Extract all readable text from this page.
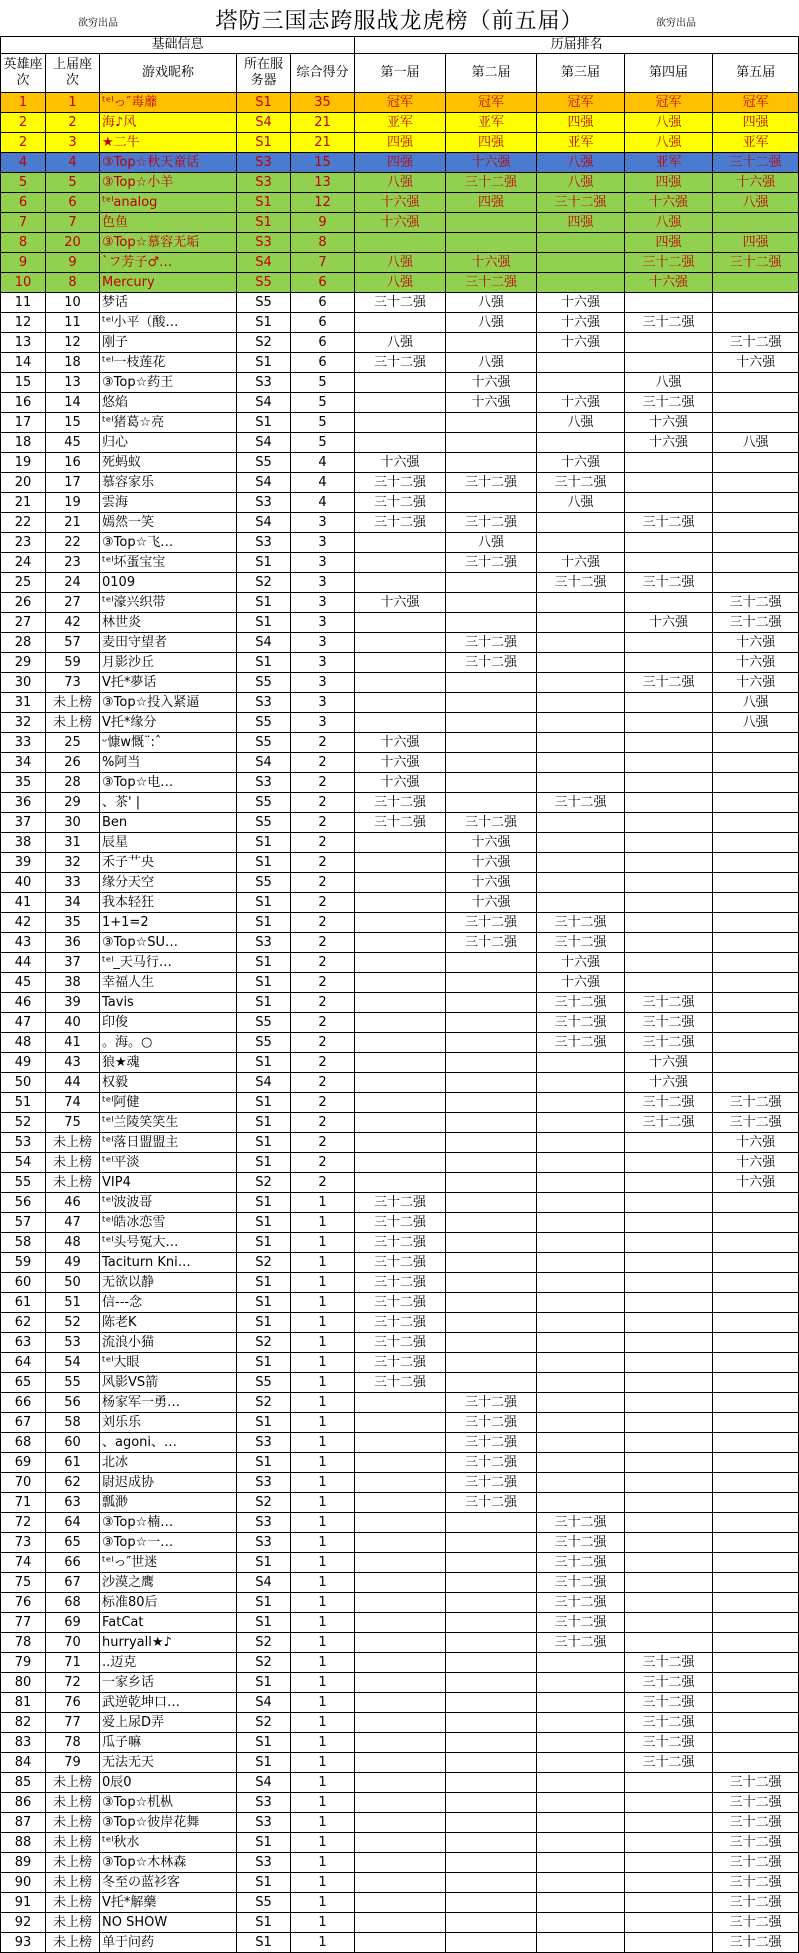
欲穷出品	塔防三国志跨服战龙虎榜（前五届）	欲穷出品
基础信息					历届排名				
英雄座次	上届座次	游戏昵称	所在服务器	综合得分	第一届	第二届	第三届	第四届	第五届
1	1	ᵗᵉˡっ″毒蘼	S1	35	冠军	冠军	冠军	冠军	冠军
2	2	海♪风	S4	21	亚军	亚军	四强	八强	四强
2	3	★二牛	S1	21	四强	四强	亚军	八强	亚军
4	4	③Top☆秋天童话	S3	15	四强	十六强	八强	亚军	三十二强
5	5	③Top☆小羊	S3	13	八强	三十二强	八强	四强	十六强
6	6	ᵗᵉˡanalog	S1	12	十六强	四强	三十二强	十六强	八强
7	7	色鱼	S1	9	十六强		四强	八强	
8	20	③Top☆慕容无垢	S3	8				四强	四强
9	9	ˋフ芳子♂…	S4	7	八强	十六强		三十二强	三十二强
10	8	Mercury	S5	6	八强	三十二强		十六强	
11	10	梦话	S5	6	三十二强	八强	十六强		
12	11	ᵗᵉˡ小平（酸…	S1	6		八强	十六强	三十二强	
13	12	刚子	S2	6	八强		十六强		三十二强
14	18	ᵗᵉˡ一枝莲花	S1	6	三十二强	八强			十六强
15	13	③Top☆药王	S3	5		十六强		八强	
16	14	悠焰	S4	5		十六强	十六强	三十二强	
17	15	ᵗᵉˡ猪葛☆亮	S1	5			八强	十六强	
18	45	归心	S4	5				十六强	八强
19	16	死蚂蚁	S5	4	十六强		十六强		
20	17	慕容家乐	S4	4	三十二强	三十二强	三十二强		
21	19	雲海	S3	4	三十二强		八强		
22	21	嫣然一笑	S4	3	三十二强	三十二强		三十二强	
23	22	③Top☆飞…	S3	3		八强			
24	23	ᵗᵉˡ坏蛋宝宝	S1	3		三十二强	十六强		
25	24	0109	S2	3			三十二强	三十二强	
26	27	ᵗᵉˡ濠兴织带	S1	3	十六强				三十二强
27	42	林世炎	S1	3				十六强	三十二强
28	57	麦田守望者	S4	3		三十二强			十六强
29	59	月影沙丘	S1	3		三十二强			十六强
30	73	V托*夢话	S5	3				三十二强	十六强
31	未上榜	③Top☆投入紧逼	S3	3					八强
32	未上榜	V托*缘分	S5	3					八强
33	25	ᵕ慷w慨¨:ˆ	S5	2	十六强				
34	26	%阿当	S4	2	十六强				
35	28	③Top☆电…	S3	2	十六强				
36	29	、茶' |	S5	2	三十二强		三十二强		
37	30	Ben	S5	2	三十二强	三十二强			
38	31	辰星	S1	2		十六强			
39	32	禾子艹央	S1	2		十六强			
40	33	缘分天空	S5	2		十六强			
41	34	我本轻狂	S1	2		十六强			
42	35	1+1=2	S1	2		三十二强	三十二强		
43	36	③Top☆SU…	S3	2		三十二强	三十二强		
44	37	ᵗᵉˡ_天马行…	S1	2			十六强		
45	38	幸福人生	S1	2			十六强		
46	39	Tavis	S1	2			三十二强	三十二强	
47	40	印俊	S5	2			三十二强	三十二强	
48	41	。海。○	S5	2			三十二强	三十二强	
49	43	狼★魂	S1	2				十六强	
50	44	权毅	S4	2				十六强	
51	74	ᵗᵉˡ阿健	S1	2				三十二强	三十二强
52	75	ᵗᵉˡ兰陵笑笑生	S1	2				三十二强	三十二强
53	未上榜	ᵗᵉˡ落日盟盟主	S1	2					十六强
54	未上榜	ᵗᵉˡ平淡	S1	2					十六强
55	未上榜	VIP4	S2	2					十六强
56	46	ᵗᵉˡ波波哥	S1	1	三十二强				
57	47	ᵗᵉˡ皓冰恋雪	S1	1	三十二强				
58	48	ᵗᵉˡ头号冤大…	S1	1	三十二强				
59	49	Taciturn Kni…	S2	1	三十二强				
60	50	无欲以静	S1	1	三十二强				
61	51	信---念	S1	1	三十二强				
62	52	陈老K	S1	1	三十二强				
63	53	流浪小猫	S2	1	三十二强				
64	54	ᵗᵉˡ大眼	S1	1	三十二强				
65	55	风影VS箭	S5	1	三十二强				
66	56	杨家军一勇…	S2	1		三十二强			
67	58	刘乐乐	S1	1		三十二强			
68	60	、agoni、…	S3	1		三十二强			
69	61	北冰	S1	1		三十二强			
70	62	尉迟成协	S3	1		三十二强			
71	63	瓢渺	S2	1		三十二强			
72	64	③Top☆楠…	S3	1			三十二强		
73	65	③Top☆一…	S3	1			三十二强		
74	66	ᵗᵉˡっ″世迷	S1	1			三十二强		
75	67	沙漠之鹰	S4	1			三十二强		
76	68	标准80后	S1	1			三十二强		
77	69	FatCat	S1	1			三十二强		
78	70	hurryall★♪	S2	1			三十二强		
79	71	..迈克	S2	1				三十二强	
80	72	一家乡话	S1	1				三十二强	
81	76	武逆乾坤口…	S4	1				三十二强	
82	77	爱上尿D弄	S2	1				三十二强	
83	78	瓜子嘛	S1	1				三十二强	
84	79	无法无天	S1	1				三十二强	
85	未上榜	0辰0	S4	1					三十二强
86	未上榜	③Top☆机枞	S3	1					三十二强
87	未上榜	③Top☆彼岸花舞	S3	1					三十二强
88	未上榜	ᵗᵉˡ秋水	S1	1					三十二强
89	未上榜	③Top☆木林森	S3	1					三十二强
90	未上榜	冬至の蓝衫客	S1	1					三十二强
91	未上榜	V托*解藥	S5	1					三十二强
92	未上榜	NO SHOW	S1	1					三十二强
93	未上榜	单于问药	S1	1					三十二强
